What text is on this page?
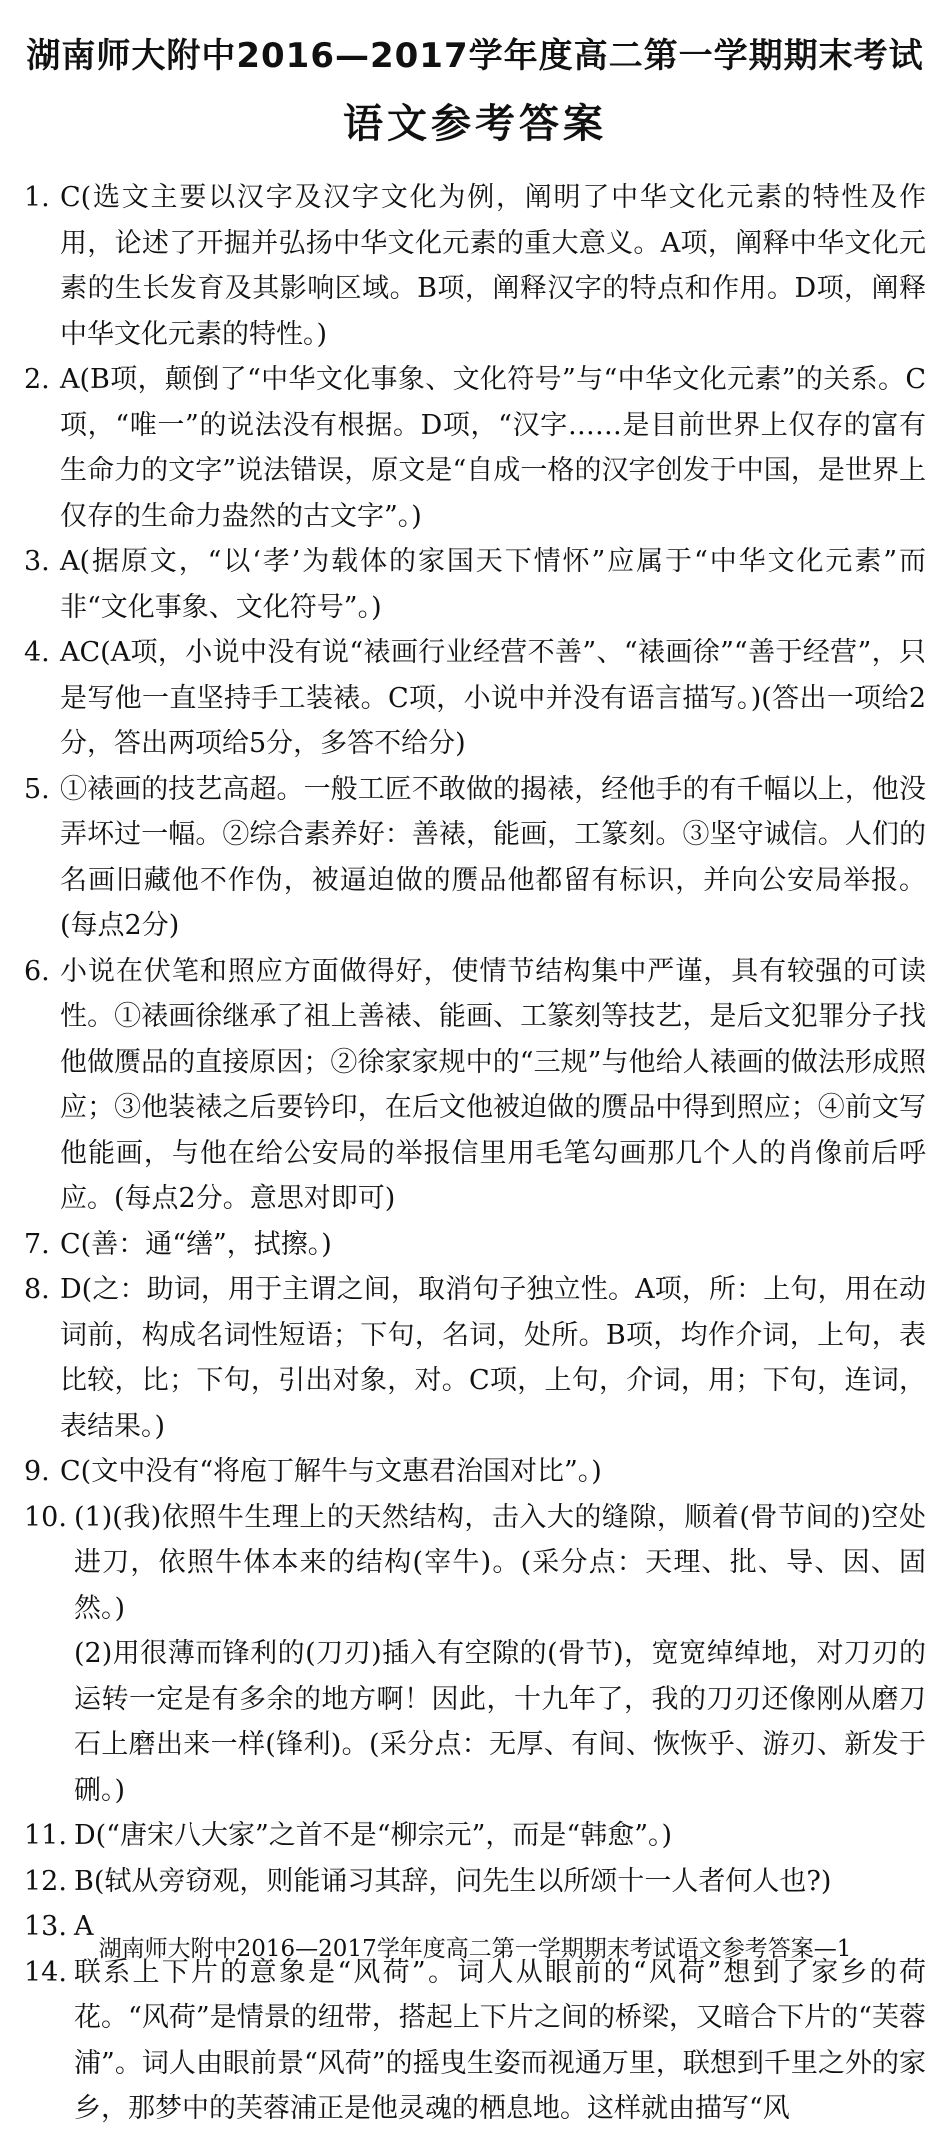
湖南师大附中2016—2017学年度高二第一学期期末考试
语文参考答案
1. C(选文主要以汉字及汉字文化为例，阐明了中华文化元素的特性及作用，论述了开掘并弘扬中华文化元素的重大意义。A项，阐释中华文化元素的生长发育及其影响区域。B项，阐释汉字的特点和作用。D项，阐释中华文化元素的特性。)
2. A(B项，颠倒了“中华文化事象、文化符号”与“中华文化元素”的关系。C项，“唯一”的说法没有根据。D项，“汉字……是目前世界上仅存的富有生命力的文字”说法错误，原文是“自成一格的汉字创发于中国，是世界上仅存的生命力盎然的古文字”。)
3. A(据原文，“以‘孝’为载体的家国天下情怀”应属于“中华文化元素”而非“文化事象、文化符号”。)
4. AC(A项，小说中没有说“裱画行业经营不善”、“裱画徐”“善于经营”，只是写他一直坚持手工装裱。C项，小说中并没有语言描写。)(答出一项给2分，答出两项给5分，多答不给分)
5. ①裱画的技艺高超。一般工匠不敢做的揭裱，经他手的有千幅以上，他没弄坏过一幅。②综合素养好：善裱，能画，工篆刻。③坚守诚信。人们的名画旧藏他不作伪，被逼迫做的赝品他都留有标识，并向公安局举报。(每点2分)
6. 小说在伏笔和照应方面做得好，使情节结构集中严谨，具有较强的可读性。①裱画徐继承了祖上善裱、能画、工篆刻等技艺，是后文犯罪分子找他做赝品的直接原因；②徐家家规中的“三规”与他给人裱画的做法形成照应；③他装裱之后要钤印，在后文他被迫做的赝品中得到照应；④前文写他能画，与他在给公安局的举报信里用毛笔勾画那几个人的肖像前后呼应。(每点2分。意思对即可)
7. C(善：通“缮”，拭擦。)
8. D(之：助词，用于主谓之间，取消句子独立性。A项，所：上句，用在动词前，构成名词性短语；下句，名词，处所。B项，均作介词，上句，表比较，比；下句，引出对象，对。C项，上句，介词，用；下句，连词，表结果。)
9. C(文中没有“将庖丁解牛与文惠君治国对比”。)
10. (1)(我)依照牛生理上的天然结构，击入大的缝隙，顺着(骨节间的)空处进刀，依照牛体本来的结构(宰牛)。(采分点：天理、批、导、因、固然。)
(2)用很薄而锋利的(刀刃)插入有空隙的(骨节)，宽宽绰绰地，对刀刃的运转一定是有多余的地方啊！因此，十九年了，我的刀刃还像刚从磨刀石上磨出来一样(锋利)。(采分点：无厚、有间、恢恢乎、游刃、新发于硎。)
11. D(“唐宋八大家”之首不是“柳宗元”，而是“韩愈”。)
12. B(轼从旁窃观，则能诵习其辞，问先生以所颂十一人者何人也?)
13. A
14. 联系上下片的意象是“风荷”。词人从眼前的“风荷”想到了家乡的荷花。“风荷”是情景的纽带，搭起上下片之间的桥梁，又暗合下片的“芙蓉浦”。词人由眼前景“风荷”的摇曳生姿而视通万里，联想到千里之外的家乡，那梦中的芙蓉浦正是他灵魂的栖息地。这样就由描写“风
湖南师大附中2016—2017学年度高二第一学期期末考试语文参考答案—1
